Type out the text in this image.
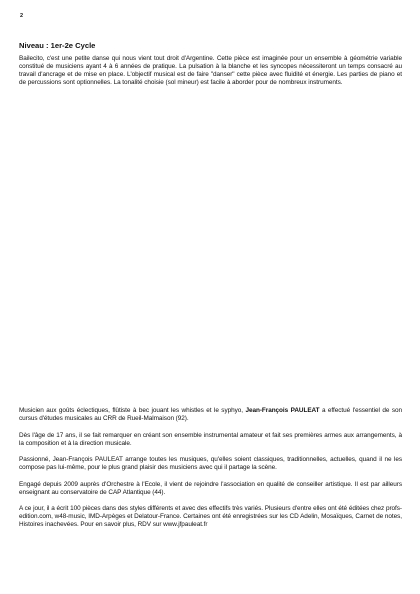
2
Niveau : 1er-2e Cycle
Bailecito, c'est une petite danse qui nous vient tout droit d'Argentine. Cette pièce est imaginée pour un ensemble à géométrie variable constitué de musiciens ayant 4 à 6 années de pratique. La pulsation à la blanche et les syncopes nécessiteront un temps consacré au travail d'ancrage et de mise en place. L'objectif musical est de faire "danser" cette pièce avec fluidité et énergie. Les parties de piano et de percussions sont optionnelles. La tonalité choisie (sol mineur) est facile à aborder pour de nombreux instruments.

Musicien aux goûts éclectiques, flûtiste à bec jouant les whistles et le syphyo, Jean-François PAULEAT a effectué l'essentiel de son cursus d'études musicales au CRR de Rueil-Malmaison (92).

Dès l'âge de 17 ans, il se fait remarquer en créant son ensemble instrumental amateur et fait ses premières armes aux arrangements, à la composition et à la direction musicale.

Passionné, Jean-François PAULEAT arrange toutes les musiques, qu'elles soient classiques, traditionnelles, actuelles, quand il ne les compose pas lui-même, pour le plus grand plaisir des musiciens avec qui il partage la scène.

Engagé depuis 2009 auprès d'Orchestre à l'Ecole, il vient de rejoindre l'association en qualité de conseiller artistique. Il est par ailleurs enseignant au conservatoire de CAP Atlantique (44).

A ce jour, il a écrit 100 pièces dans des styles différents et avec des effectifs très variés. Plusieurs d'entre elles ont été éditées chez profs-edition.com, w48-music, IMD-Arpèges et Delatour-France. Certaines ont été enregistrées sur les CD Adelin, Mosaïques, Carnet de notes, Histoires inachevées. Pour en savoir plus, RDV sur www.jfpauleat.fr
